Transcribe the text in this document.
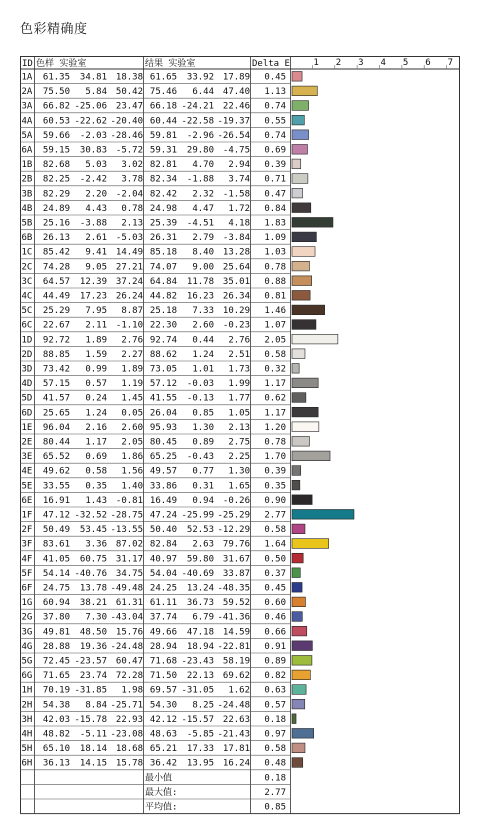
色彩精确度
ID 色样 实验室	结果 实验室	Delta E	1 2 3 4 5 6 7
1A 61.35 34.81 18.38 61.65 33.92 17.89 0.45
2A 75.50 5.84 50.42 75.46 6.44 47.40 1.13
3A 66.82 -25.06 23.47 66.18 -24.21 22.46 0.74
4A 60.53 -22.62 -20.40 60.44 -22.58 -19.37 0.55
5A 59.66 -2.03 -28.46 59.81 -2.96 -26.54 0.74
6A 59.15 30.83 -5.72 59.31 29.80 -4.75 0.69
1B 82.68 5.03 3.02 82.81 4.70 2.94 0.39
2B 82.25 -2.42 3.78 82.34 -1.88 3.74 0.71
3B 82.29 2.20 -2.04 82.42 2.32 -1.58 0.47
4B 24.89 4.43 0.78 24.98 4.47 1.72 0.84
5B 25.16 -3.88 2.13 25.39 -4.51 4.18 1.83
6B 26.13 2.61 -5.03 26.31 2.79 -3.84 1.09
1C 85.42 9.41 14.49 85.18 8.40 13.28 1.03
2C 74.28 9.05 27.21 74.07 9.00 25.64 0.78
3C 64.57 12.39 37.24 64.84 11.78 35.01 0.88
4C 44.49 17.23 26.24 44.82 16.23 26.34 0.81
5C 25.29 7.95 8.87 25.18 7.33 10.29 1.46
6C 22.67 2.11 -1.10 22.30 2.60 -0.23 1.07
1D 92.72 1.89 2.76 92.74 0.44 2.76 2.05
2D 88.85 1.59 2.27 88.62 1.24 2.51 0.58
3D 73.42 0.99 1.89 73.05 1.01 1.73 0.32
4D 57.15 0.57 1.19 57.12 -0.03 1.99 1.17
5D 41.57 0.24 1.45 41.55 -0.13 1.77 0.62
6D 25.65 1.24 0.05 26.04 0.85 1.05 1.17
1E 96.04 2.16 2.60 95.93 1.30 2.13 1.20
2E 80.44 1.17 2.05 80.45 0.89 2.75 0.78
3E 65.52 0.69 1.86 65.25 -0.43 2.25 1.70
4E 49.62 0.58 1.56 49.57 0.77 1.30 0.39
5E 33.55 0.35 1.40 33.86 0.31 1.65 0.35
6E 16.91 1.43 -0.81 16.49 0.94 -0.26 0.90
1F 47.12 -32.52 -28.75 47.24 -25.99 -25.29 2.77
2F 50.49 53.45 -13.55 50.40 52.53 -12.29 0.58
3F 83.61 3.36 87.02 82.84 2.63 79.76 1.64
4F 41.05 60.75 31.17 40.97 59.80 31.67 0.50
5F 54.14 -40.76 34.75 54.04 -40.69 33.87 0.37
6F 24.75 13.78 -49.48 24.25 13.24 -48.35 0.45
1G 60.94 38.21 61.31 61.11 36.73 59.52 0.60
2G 37.80 7.30 -43.04 37.74 6.79 -41.36 0.46
3G 49.81 48.50 15.76 49.66 47.18 14.59 0.66
4G 28.88 19.36 -24.48 28.94 18.94 -22.81 0.91
5G 72.45 -23.57 60.47 71.68 -23.43 58.19 0.89
6G 71.65 23.74 72.28 71.50 22.13 69.62 0.82
1H 70.19 -31.85 1.98 69.57 -31.05 1.62 0.63
2H 54.38 8.84 -25.71 54.30 8.25 -24.48 0.57
3H 42.03 -15.78 22.93 42.12 -15.57 22.63 0.18
4H 48.82 -5.11 -23.08 48.63 -5.85 -21.43 0.97
5H 65.10 18.14 18.68 65.21 17.33 17.81 0.58
6H 36.13 14.15 15.78 36.42 13.95 16.24 0.48
最小值	0.18
最大值:	2.77
平均值:	0.85
